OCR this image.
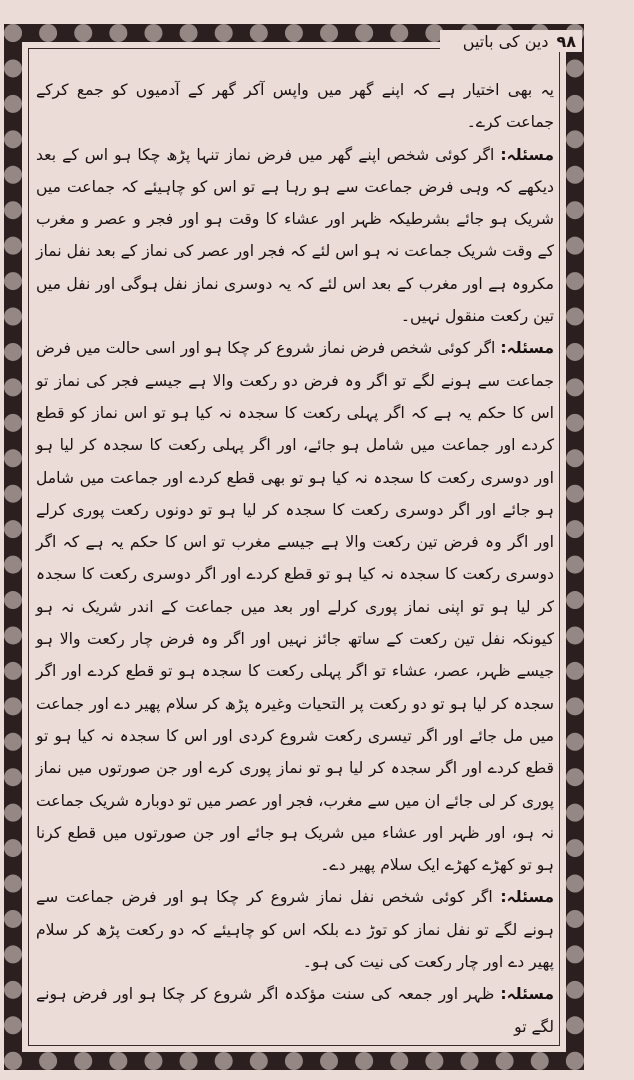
دین کی باتیں ۹۸

یہ بھی اختیار ہے کہ اپنے گھر میں واپس آکر گھر کے آدمیوں کو جمع کرکے جماعت کرے۔

مسئلہ: اگر کوئی شخص اپنے گھر میں فرض نماز تنہا پڑھ چکا ہو اس کے بعد دیکھے کہ وہی فرض جماعت سے ہو رہا ہے تو اس کو چاہیئے کہ جماعت میں شریک ہو جائے بشرطیکہ ظہر اور عشاء کا وقت ہو اور فجر و عصر و مغرب کے وقت شریک جماعت نہ ہو اس لئے کہ فجر اور عصر کی نماز کے بعد نفل نماز مکروہ ہے اور مغرب کے بعد اس لئے کہ یہ دوسری نماز نفل ہوگی اور نفل میں تین رکعت منقول نہیں۔

مسئلہ: اگر کوئی شخص فرض نماز شروع کر چکا ہو اور اسی حالت میں فرض جماعت سے ہونے لگے تو اگر وہ فرض دو رکعت والا ہے جیسے فجر کی نماز تو اس کا حکم یہ ہے کہ اگر پہلی رکعت کا سجدہ نہ کیا ہو تو اس نماز کو قطع کردے اور جماعت میں شامل ہو جائے، اور اگر پہلی رکعت کا سجدہ کر لیا ہو اور دوسری رکعت کا سجدہ نہ کیا ہو تو بھی قطع کردے اور جماعت میں شامل ہو جائے اور اگر دوسری رکعت کا سجدہ کر لیا ہو تو دونوں رکعت پوری کرلے اور اگر وہ فرض تین رکعت والا ہے جیسے مغرب تو اس کا حکم یہ ہے کہ اگر دوسری رکعت کا سجدہ نہ کیا ہو تو قطع کردے اور اگر دوسری رکعت کا سجدہ کر لیا ہو تو اپنی نماز پوری کرلے اور بعد میں جماعت کے اندر شریک نہ ہو کیونکہ نفل تین رکعت کے ساتھ جائز نہیں اور اگر وہ فرض چار رکعت والا ہو جیسے ظہر، عصر، عشاء تو اگر پہلی رکعت کا سجدہ ہو تو قطع کردے اور اگر سجدہ کر لیا ہو تو دو رکعت پر التحیات وغیرہ پڑھ کر سلام پھیر دے اور جماعت میں مل جائے اور اگر تیسری رکعت شروع کردی اور اس کا سجدہ نہ کیا ہو تو قطع کردے اور اگر سجدہ کر لیا ہو تو نماز پوری کرے اور جن صورتوں میں نماز پوری کر لی جائے ان میں سے مغرب، فجر اور عصر میں تو دوبارہ شریک جماعت نہ ہو، اور ظہر اور عشاء میں شریک ہو جائے اور جن صورتوں میں قطع کرنا ہو تو کھڑے کھڑے ایک سلام پھیر دے۔

مسئلہ: اگر کوئی شخص نفل نماز شروع کر چکا ہو اور فرض جماعت سے ہونے لگے تو نفل نماز کو توڑ دے بلکہ اس کو چاہیئے کہ دو رکعت پڑھ کر سلام پھیر دے اور چار رکعت کی نیت کی ہو۔

مسئلہ: ظہر اور جمعہ کی سنت مؤکدہ اگر شروع کر چکا ہو اور فرض ہونے لگے تو
